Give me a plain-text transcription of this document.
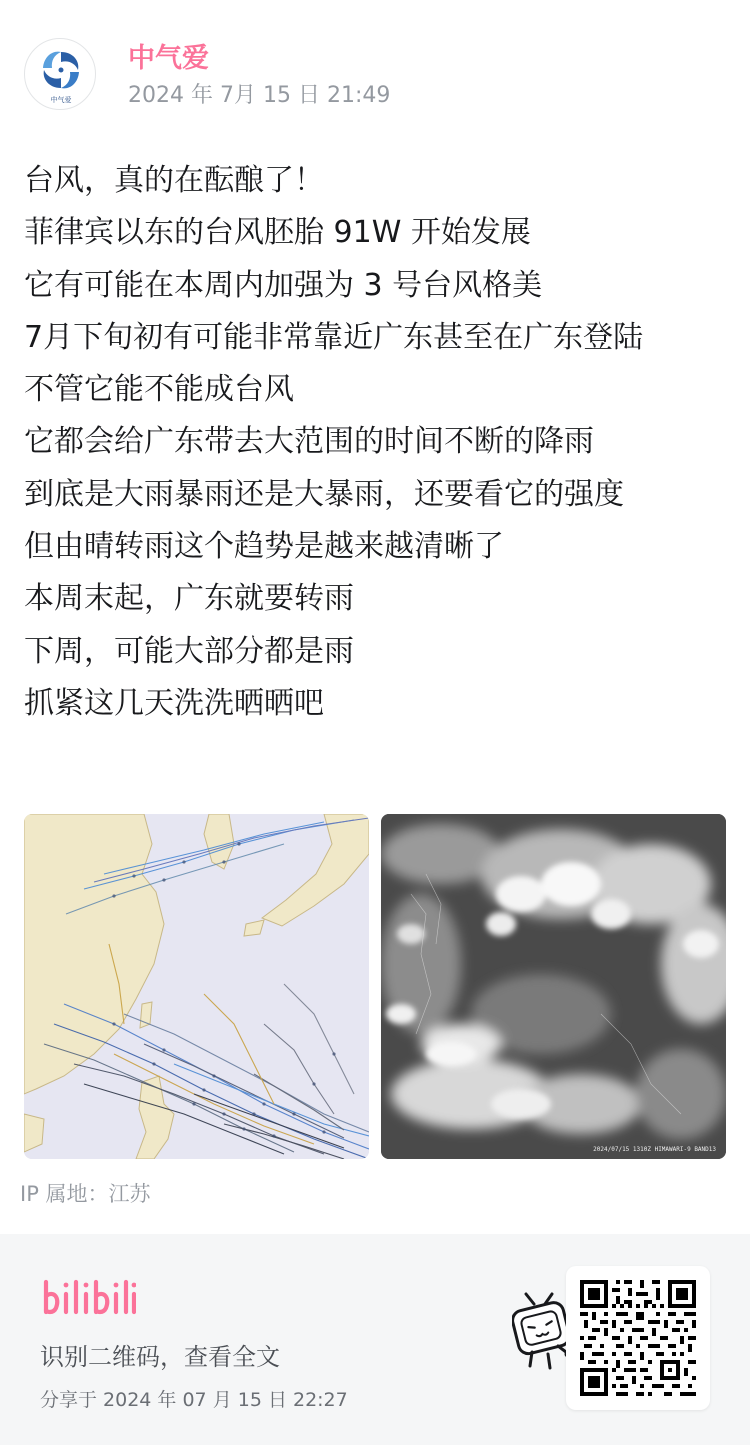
中气爱
中气爱
2024 年 7月 15 日 21:49
台风，真的在酝酿了！
菲律宾以东的台风胚胎 91W 开始发展
它有可能在本周内加强为 3 号台风格美
7月下旬初有可能非常靠近广东甚至在广东登陆
不管它能不能成台风
它都会给广东带去大范围的时间不断的降雨
到底是大雨暴雨还是大暴雨，还要看它的强度
但由晴转雨这个趋势是越来越清晰了
本周末起，广东就要转雨
下周，可能大部分都是雨
抓紧这几天洗洗晒晒吧
2024/07/15 1310Z HIMAWARI-9 BAND13
IP 属地：江苏
识别二维码，查看全文
分享于 2024 年 07 月 15 日 22:27
